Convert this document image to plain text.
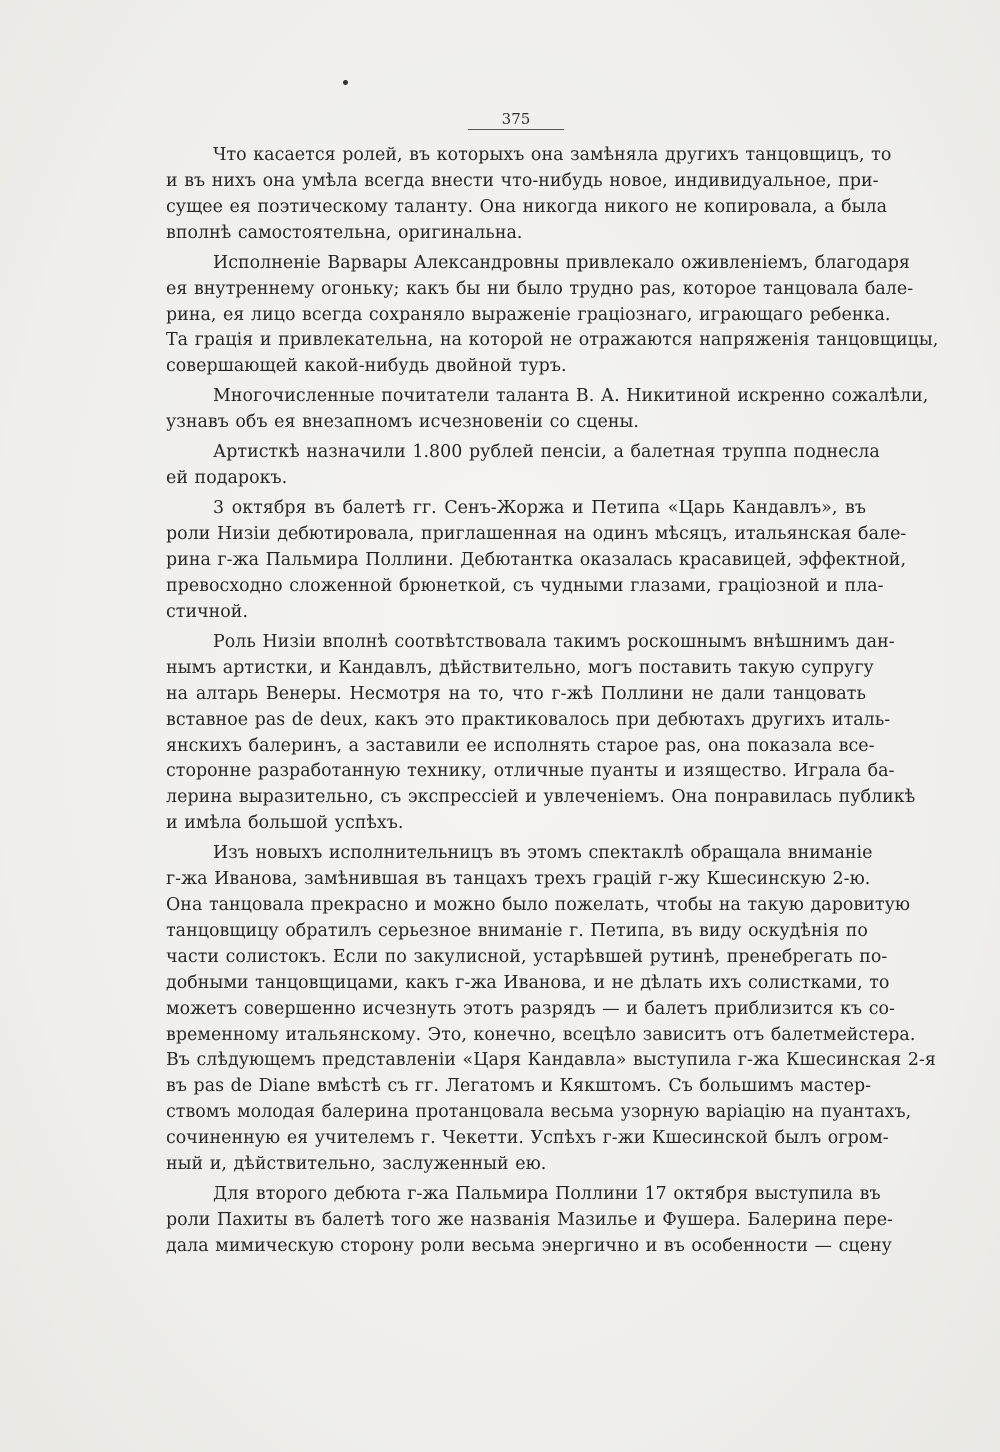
375
Что касается ролей, въ которыхъ она замѣняла другихъ танцовщицъ, то
и въ нихъ она умѣла всегда внести что-нибудь новое, индивидуальное, при-
сущее ея поэтическому таланту. Она никогда никого не копировала, а была
вполнѣ самостоятельна, оригинальна.
Исполненіе Варвары Александровны привлекало оживленіемъ, благодаря
ея внутреннему огоньку; какъ бы ни было трудно pas, которое танцовала бале-
рина, ея лицо всегда сохраняло выраженіе граціознаго, играющаго ребенка.
Та грація и привлекательна, на которой не отражаются напряженія танцовщицы,
совершающей какой-нибудь двойной туръ.
Многочисленные почитатели таланта В. А. Никитиной искренно сожалѣли,
узнавъ объ ея внезапномъ исчезновеніи со сцены.
Артисткѣ назначили 1.800 рублей пенсіи, а балетная труппа поднесла
ей подарокъ.
3 октября въ балетѣ гг. Сенъ-Жоржа и Петипа «Царь Кандавлъ», въ
роли Низіи дебютировала, приглашенная на одинъ мѣсяцъ, итальянская бале-
рина г-жа Пальмира Поллини. Дебютантка оказалась красавицей, эффектной,
превосходно сложенной брюнеткой, съ чудными глазами, граціозной и пла-
стичной.
Роль Низіи вполнѣ соотвѣтствовала такимъ роскошнымъ внѣшнимъ дан-
нымъ артистки, и Кандавлъ, дѣйствительно, могъ поставить такую супругу
на алтарь Венеры. Несмотря на то, что г-жѣ Поллини не дали танцовать
вставное pas de deux, какъ это практиковалось при дебютахъ другихъ италь-
янскихъ балеринъ, а заставили ее исполнять старое pas, она показала все-
сторонне разработанную технику, отличные пуанты и изящество. Играла ба-
лерина выразительно, съ экспрессіей и увлеченіемъ. Она понравилась публикѣ
и имѣла большой успѣхъ.
Изъ новыхъ исполнительницъ въ этомъ спектаклѣ обращала вниманіе
г-жа Иванова, замѣнившая въ танцахъ трехъ грацій г-жу Кшесинскую 2-ю.
Она танцовала прекрасно и можно было пожелать, чтобы на такую даровитую
танцовщицу обратилъ серьезное вниманіе г. Петипа, въ виду оскудѣнія по
части солистокъ. Если по закулисной, устарѣвшей рутинѣ, пренебрегать по-
добными танцовщицами, какъ г-жа Иванова, и не дѣлать ихъ солистками, то
можетъ совершенно исчезнуть этотъ разрядъ — и балетъ приблизится къ со-
временному итальянскому. Это, конечно, всецѣло зависитъ отъ балетмейстера.
Въ слѣдующемъ представленіи «Царя Кандавла» выступила г-жа Кшесинская 2-я
въ pas de Diane вмѣстѣ съ гг. Легатомъ и Кякштомъ. Съ большимъ мастер-
ствомъ молодая балерина протанцовала весьма узорную варіацію на пуантахъ,
сочиненную ея учителемъ г. Чекетти. Успѣхъ г-жи Кшесинской былъ огром-
ный и, дѣйствительно, заслуженный ею.
Для второго дебюта г-жа Пальмира Поллини 17 октября выступила въ
роли Пахиты въ балетѣ того же названія Мазилье и Фушера. Балерина пере-
дала мимическую сторону роли весьма энергично и въ особенности — сцену
